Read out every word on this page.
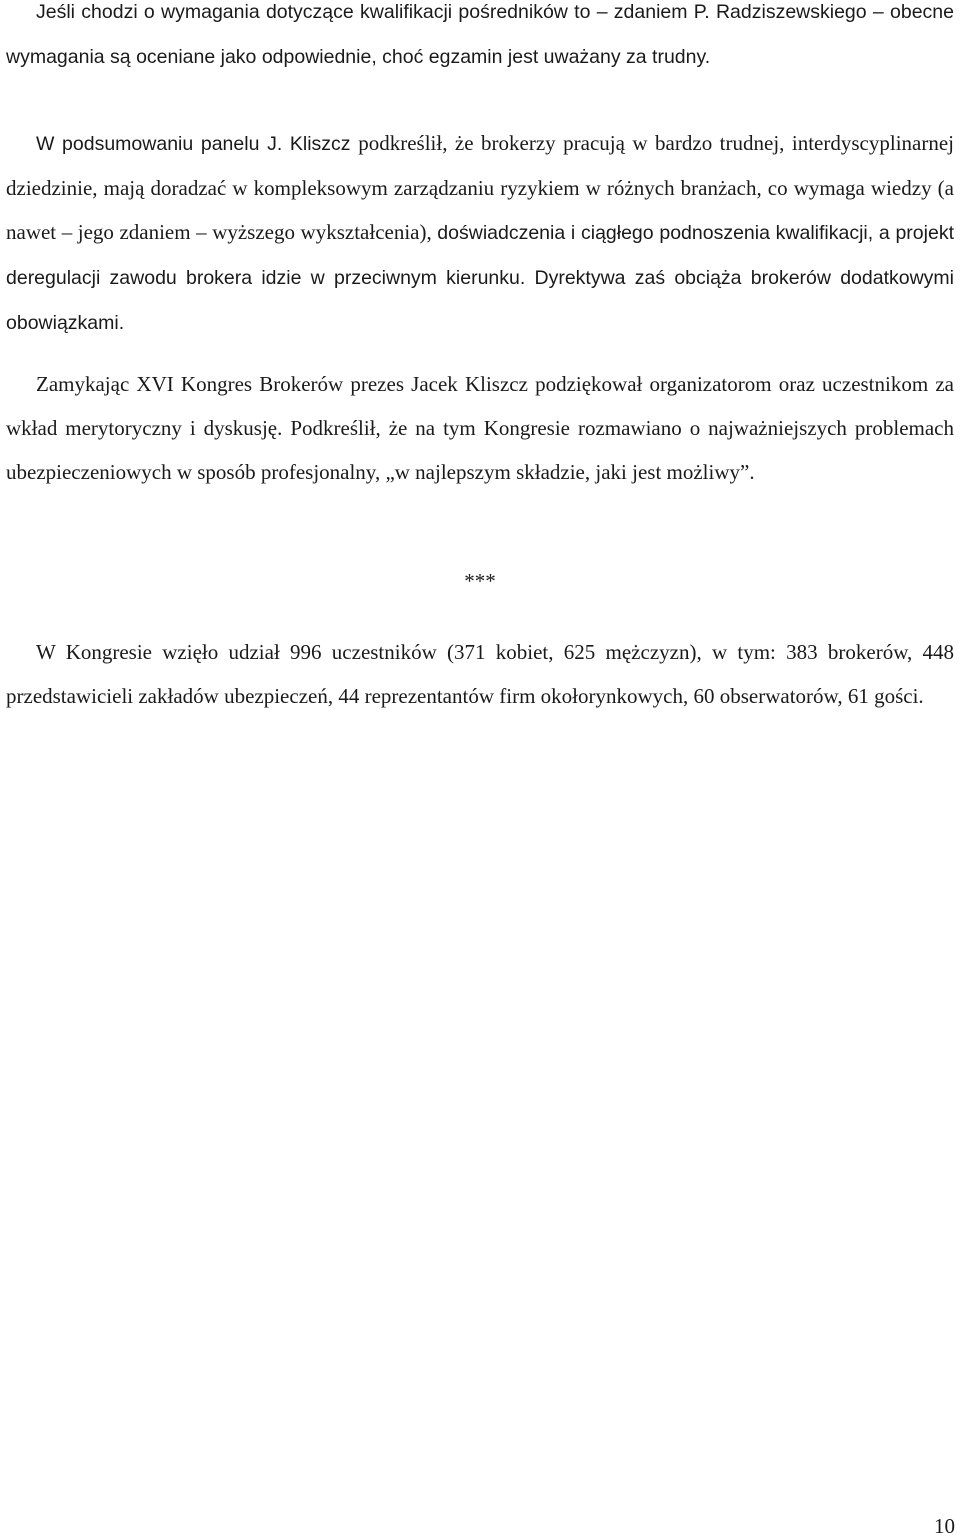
Jeśli chodzi o wymagania dotyczące kwalifikacji pośredników to – zdaniem P. Radziszewskiego – obecne wymagania są oceniane jako odpowiednie, choć egzamin jest uważany za trudny.

W podsumowaniu panelu J. Kliszcz podkreślił, że brokerzy pracują w bardzo trudnej, interdyscyplinarnej dziedzinie, mają doradzać w kompleksowym zarządzaniu ryzykiem w różnych branżach, co wymaga wiedzy (a nawet – jego zdaniem – wyższego wykształcenia), doświadczenia i ciągłego podnoszenia kwalifikacji, a projekt deregulacji zawodu brokera idzie w przeciwnym kierunku. Dyrektywa zaś obciąża brokerów dodatkowymi obowiązkami.

Zamykając XVI Kongres Brokerów prezes Jacek Kliszcz podziękował organizatorom oraz uczestnikom za wkład merytoryczny i dyskusję. Podkreślił, że na tym Kongresie rozmawiano o najważniejszych problemach ubezpieczeniowych w sposób profesjonalny, „w najlepszym składzie, jaki jest możliwy”.

***

W Kongresie wzięło udział 996 uczestników (371 kobiet, 625 mężczyzn), w tym: 383 brokerów, 448 przedstawicieli zakładów ubezpieczeń, 44 reprezentantów firm okołorynkowych, 60 obserwatorów, 61 gości.

10
